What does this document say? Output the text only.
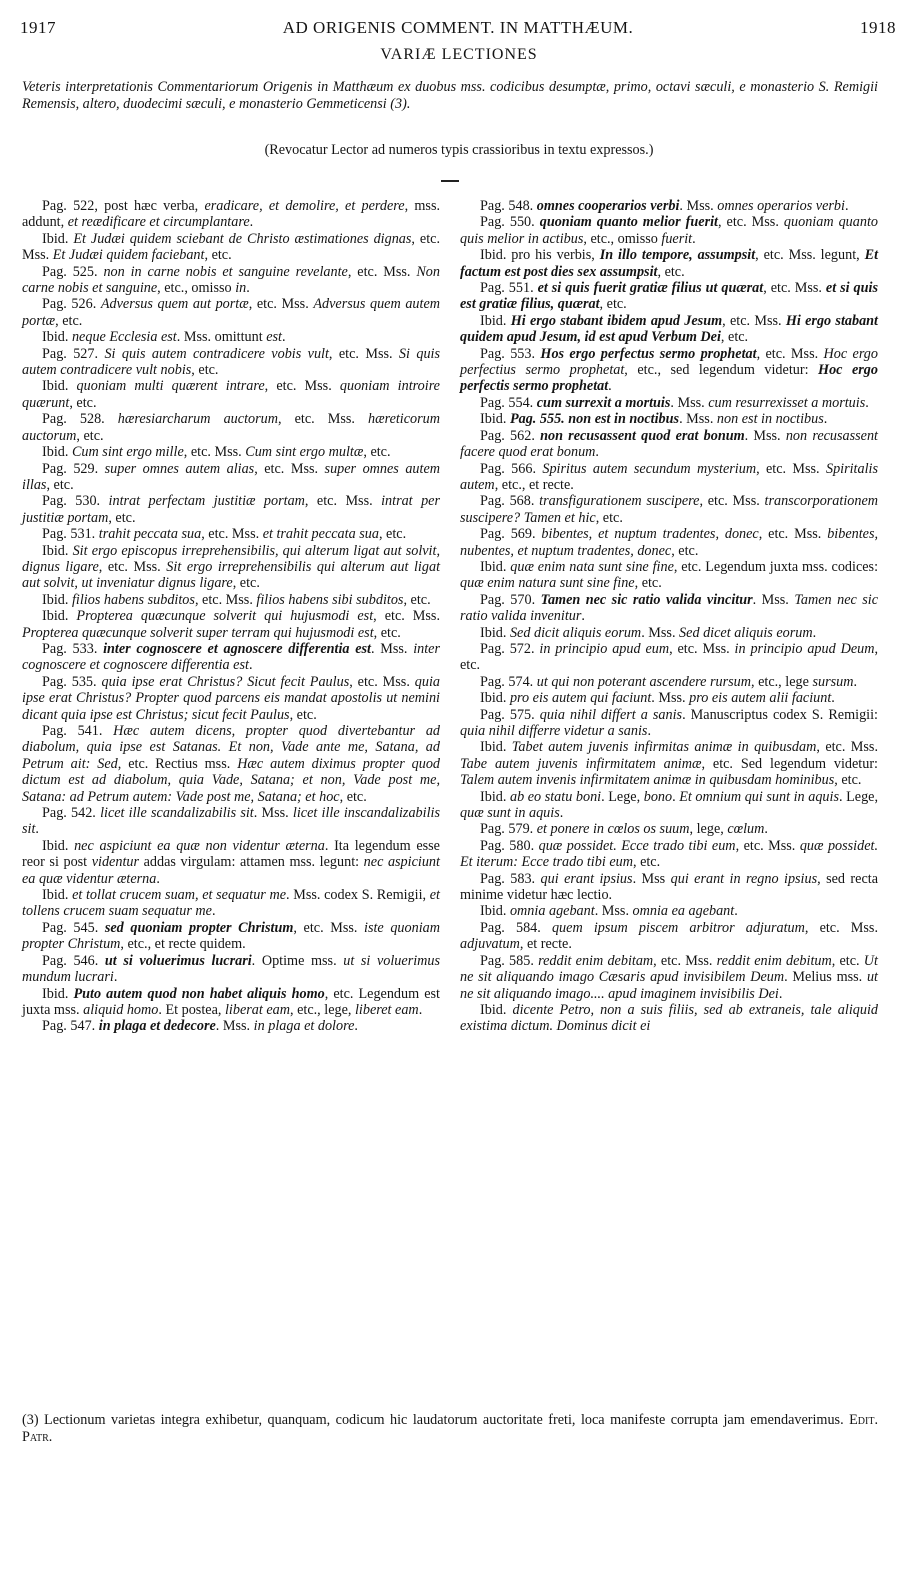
1917	AD ORIGENIS COMMENT. IN MATTHÆUM.	1918
VARIÆ LECTIONES
Veteris interpretationis Commentariorum Origenis in Matthæum ex duobus mss. codicibus desumptæ, primo, octavi sæculi, e monasterio S. Remigii Remensis, altero, duodecimi sæculi, e monasterio Gemmeticensi (3).
(Revocatur Lector ad numeros typis crassioribus in textu expressos.)

Pag. 522, post hæc verba, eradicare, et demolire, et perdere, mss. addunt, et reædificare et circumplantare.

Ibid. Et Judæi quidem sciebant de Christo æstimationes dignas, etc. Mss. Et Judæi quidem faciebant, etc.

Pag. 525. non in carne nobis et sanguine revelante, etc. Mss. Non carne nobis et sanguine, etc., omisso in.

Pag. 526. Adversus quem aut portæ, etc. Mss. Adversus quem autem portæ, etc.

Ibid. neque Ecclesia est. Mss. omittunt est.

Pag. 527. Si quis autem contradicere vobis vult, etc. Mss. Si quis autem contradicere vult nobis, etc.

Ibid. quoniam multi quærent intrare, etc. Mss. quoniam introire quærunt, etc.

Pag. 528. hæresiarcharum auctorum, etc. Mss. hæreticorum auctorum, etc.

Ibid. Cum sint ergo mille, etc. Mss. Cum sint ergo multæ, etc.

Pag. 529. super omnes autem alias, etc. Mss. super omnes autem illas, etc.

Pag. 530. intrat perfectam justitiæ portam, etc. Mss. intrat per justitiæ portam, etc.

Pag. 531. trahit peccata sua, etc. Mss. et trahit peccata sua, etc.

Ibid. Sit ergo episcopus irreprehensibilis, qui alterum ligat aut solvit, dignus ligare, etc. Mss. Sit ergo irreprehensibilis qui alterum aut ligat aut solvit, ut inveniatur dignus ligare, etc.

Ibid. filios habens subditos, etc. Mss. filios habens sibi subditos, etc.

Ibid. Propterea quæcunque solverit qui hujusmodi est, etc. Mss. Propterea quæcunque solverit super terram qui hujusmodi est, etc.

Pag. 533. inter cognoscere et agnoscere differentia est. Mss. inter cognoscere et cognoscere differentia est.

Pag. 535. quia ipse erat Christus? Sicut fecit Paulus, etc. Mss. quia ipse erat Christus? Propter quod parcens eis mandat apostolis ut nemini dicant quia ipse est Christus; sicut fecit Paulus, etc.

Pag. 541. Hæc autem dicens, propter quod divertebantur ad diabolum, quia ipse est Satanas. Et non, Vade ante me, Satana, ad Petrum ait: Sed, etc. Rectius mss. Hæc autem diximus propter quod dictum est ad diabolum, quia Vade, Satana; et non, Vade post me, Satana: ad Petrum autem: Vade post me, Satana; et hoc, etc.

Pag. 542. licet ille scandalizabilis sit. Mss. licet ille inscandalizabilis sit.

Ibid. nec aspiciunt ea quæ non videntur æterna. Ita legendum esse reor si post videntur addas virgulam: attamen mss. legunt: nec aspiciunt ea quæ videntur æterna.

Ibid. et tollat crucem suam, et sequatur me. Mss. codex S. Remigii, et tollens crucem suam sequatur me.

Pag. 545. sed quoniam propter Christum, etc. Mss. iste quoniam propter Christum, etc., et recte quidem.

Pag. 546. ut si voluerimus lucrari. Optime mss. ut si voluerimus mundum lucrari.

Ibid. Puto autem quod non habet aliquis homo, etc. Legendum est juxta mss. aliquid homo. Et postea, liberat eam, etc., lege, liberet eam.

Pag. 547. in plaga et dedecore. Mss. in plaga et dolore.

Pag. 548. omnes cooperarios verbi. Mss. omnes operarios verbi.

Pag. 550. quoniam quanto melior fuerit, etc. Mss. quoniam quanto quis melior in actibus, etc., omisso fuerit.

Ibid. pro his verbis, In illo tempore, assumpsit, etc. Mss. legunt, Et factum est post dies sex assumpsit, etc.

Pag. 551. et si quis fuerit gratiæ filius ut quærat, etc. Mss. et si quis est gratiæ filius, quærat, etc.

Ibid. Hi ergo stabant ibidem apud Jesum, etc. Mss. Hi ergo stabant quidem apud Jesum, id est apud Verbum Dei, etc.

Pag. 553. Hos ergo perfectus sermo prophetat, etc. Mss. Hoc ergo perfectius sermo prophetat, etc., sed legendum videtur: Hoc ergo perfectis sermo prophetat.

Pag. 554. cum surrexit a mortuis. Mss. cum resurrexisset a mortuis.

Ibid. Pag. 555. non est in noctibus. Mss. non est in noctibus.

Pag. 562. non recusassent quod erat bonum. Mss. non recusassent facere quod erat bonum.

Pag. 566. Spiritus autem secundum mysterium, etc. Mss. Spiritalis autem, etc., et recte.

Pag. 568. transfigurationem suscipere, etc. Mss. transcorporationem suscipere? Tamen et hic, etc.

Pag. 569. bibentes, et nuptum tradentes, donec, etc. Mss. bibentes, nubentes, et nuptum tradentes, donec, etc.

Ibid. quæ enim nata sunt sine fine, etc. Legendum juxta mss. codices: quæ enim natura sunt sine fine, etc.

Pag. 570. Tamen nec sic ratio valida vincitur. Mss. Tamen nec sic ratio valida invenitur.

Ibid. Sed dicit aliquis eorum. Mss. Sed dicet aliquis eorum.

Pag. 572. in principio apud eum, etc. Mss. in principio apud Deum, etc.

Pag. 574. ut qui non poterant ascendere rursum, etc., lege sursum.

Ibid. pro eis autem qui faciunt. Mss. pro eis autem alii faciunt.

Pag. 575. quia nihil differt a sanis. Manuscriptus codex S. Remigii: quia nihil differre videtur a sanis.

Ibid. Tabet autem juvenis infirmitas animæ in quibusdam, etc. Mss. Tabe autem juvenis infirmitatem animæ, etc. Sed legendum videtur: Talem autem invenis infirmitatem animæ in quibusdam hominibus, etc.

Ibid. ab eo statu boni. Lege, bono. Et omnium qui sunt in aquis. Lege, quæ sunt in aquis.

Pag. 579. et ponere in cœlos os suum, lege, cœlum.

Pag. 580. quæ possidet. Ecce trado tibi eum, etc. Mss. quæ possidet. Et iterum: Ecce trado tibi eum, etc.

Pag. 583. qui erant ipsius. Mss qui erant in regno ipsius, sed recta minime videtur hæc lectio.

Ibid. omnia agebant. Mss. omnia ea agebant.

Pag. 584. quem ipsum piscem arbitror adjuratum, etc. Mss. adjuvatum, et recte.

Pag. 585. reddit enim debitam, etc. Mss. reddit enim debitum, etc. Ut ne sit aliquando imago Cæsaris apud invisibilem Deum. Melius mss. ut ne sit aliquando imago.... apud imaginem invisibilis Dei.

Ibid. dicente Petro, non a suis filiis, sed ab extraneis, tale aliquid existima dictum. Dominus dicit ei

(3) Lectionum varietas integra exhibetur, quanquam, codicum hic laudatorum auctoritate freti, loca manifeste corrupta jam emendaverimus. Edit. Patr.
